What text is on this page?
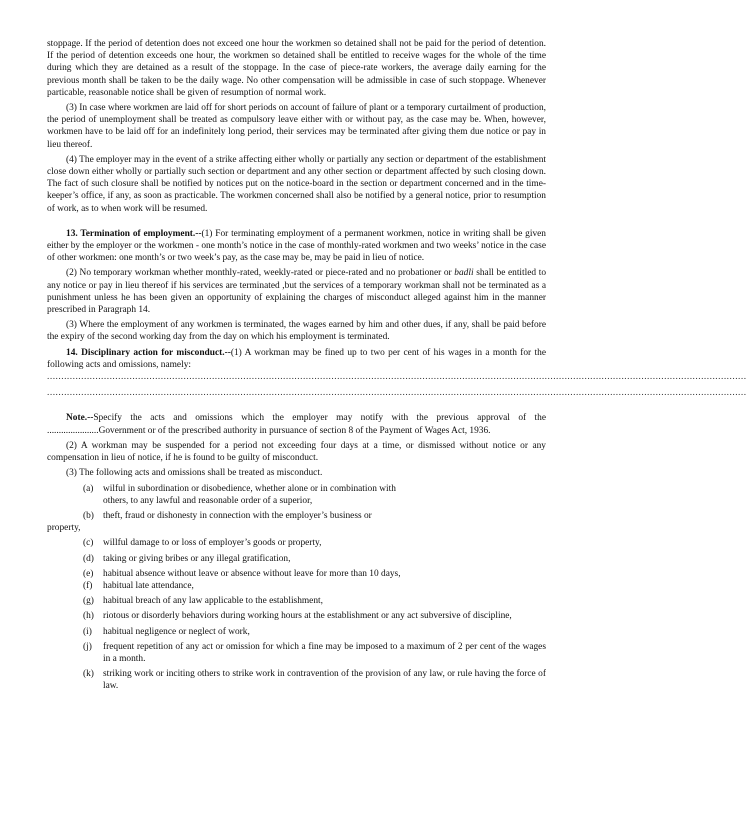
stoppage. If the period of detention does not exceed one hour the workmen so detained shall not be paid for the period of detention. If the period of detention exceeds one hour, the workmen so detained shall be entitled to receive wages for the whole of the time during which they are detained as a result of the stoppage. In the case of piece-rate workers, the average daily earning for the previous month shall be taken to be the daily wage. No other compensation will be admissible in case of such stoppage. Whenever particable, reasonable notice shall be given of resumption of normal work.

(3) In case where workmen are laid off for short periods on account of failure of plant or a temporary curtailment of production, the period of unemployment shall be treated as compulsory leave either with or without pay, as the case may be. When, however, workmen have to be laid off for an indefinitely long period, their services may be terminated after giving them due notice or pay in lieu thereof.

(4) The employer may in the event of a strike affecting either wholly or partially any section or department of the establishment close down either wholly or partially such section or department and any other section or department affected by such closing down. The fact of such closure shall be notified by notices put on the notice-board in the section or department concerned and in the time-keeper’s office, if any, as soon as practicable. The workmen concerned shall also be notified by a general notice, prior to resumption of work, as to when work will be resumed.

13. Termination of employment.--(1) For terminating employment of a permanent workmen, notice in writing shall be given either by the employer or the workmen - one month’s notice in the case of monthly-rated workmen and two weeks’ notice in the case of other workmen: one month’s or two week’s pay, as the case may be, may be paid in lieu of notice.

(2) No temporary workman whether monthly-rated, weekly-rated or piece-rated and no probationer or badli shall be entitled to any notice or pay in lieu thereof if his services are terminated ,but the services of a temporary workman shall not be terminated as a punishment unless he has been given an opportunity of explaining the charges of misconduct alleged against him in the manner prescribed in Paragraph 14.

(3) Where the employment of any workmen is terminated, the wages earned by him and other dues, if any, shall be paid before the expiry of the second working day from the day on which his employment is terminated.

14. Disciplinary action for misconduct.--(1) A workman may be fined up to two per cent of his wages in a month for the following acts and omissions, namely:

......................................................................................................................................................................................................................................................
......................................................................................................................................................................................................................................................

Note.--Specify the acts and omissions which the employer may notify with the previous approval of the ......................Government or of the prescribed authority in pursuance of section 8 of the Payment of Wages Act, 1936.

(2) A workman may be suspended for a period not exceeding four days at a time, or dismissed without notice or any compensation in lieu of notice, if he is found to be guilty of misconduct.

(3) The following acts and omissions shall be treated as misconduct.

(a)	wilful in subordination or disobedience, whether alone or in combination with others, to any lawful and reasonable order of a superior,
(b) theft, fraud or dishonesty in connection with the employer’s business or

property,

(c)	willful damage to or loss of employer’s goods or property,
(d) taking or giving bribes or any illegal gratification,
(e)	habitual absence without leave or absence without leave for more than 10 days,
(f)	habitual late attendance,
(g) habitual breach of any law applicable to the establishment,
(h) riotous or disorderly behaviors during working hours at the establishment or any act subversive of discipline,
(i)	habitual negligence or neglect of work,
(j)	frequent repetition of any act or omission for which a fine may be imposed to a maximum of 2 per cent of the wages in a month.
(k) striking work or inciting others to strike work in contravention of the provision of any law, or rule having the force of law.
